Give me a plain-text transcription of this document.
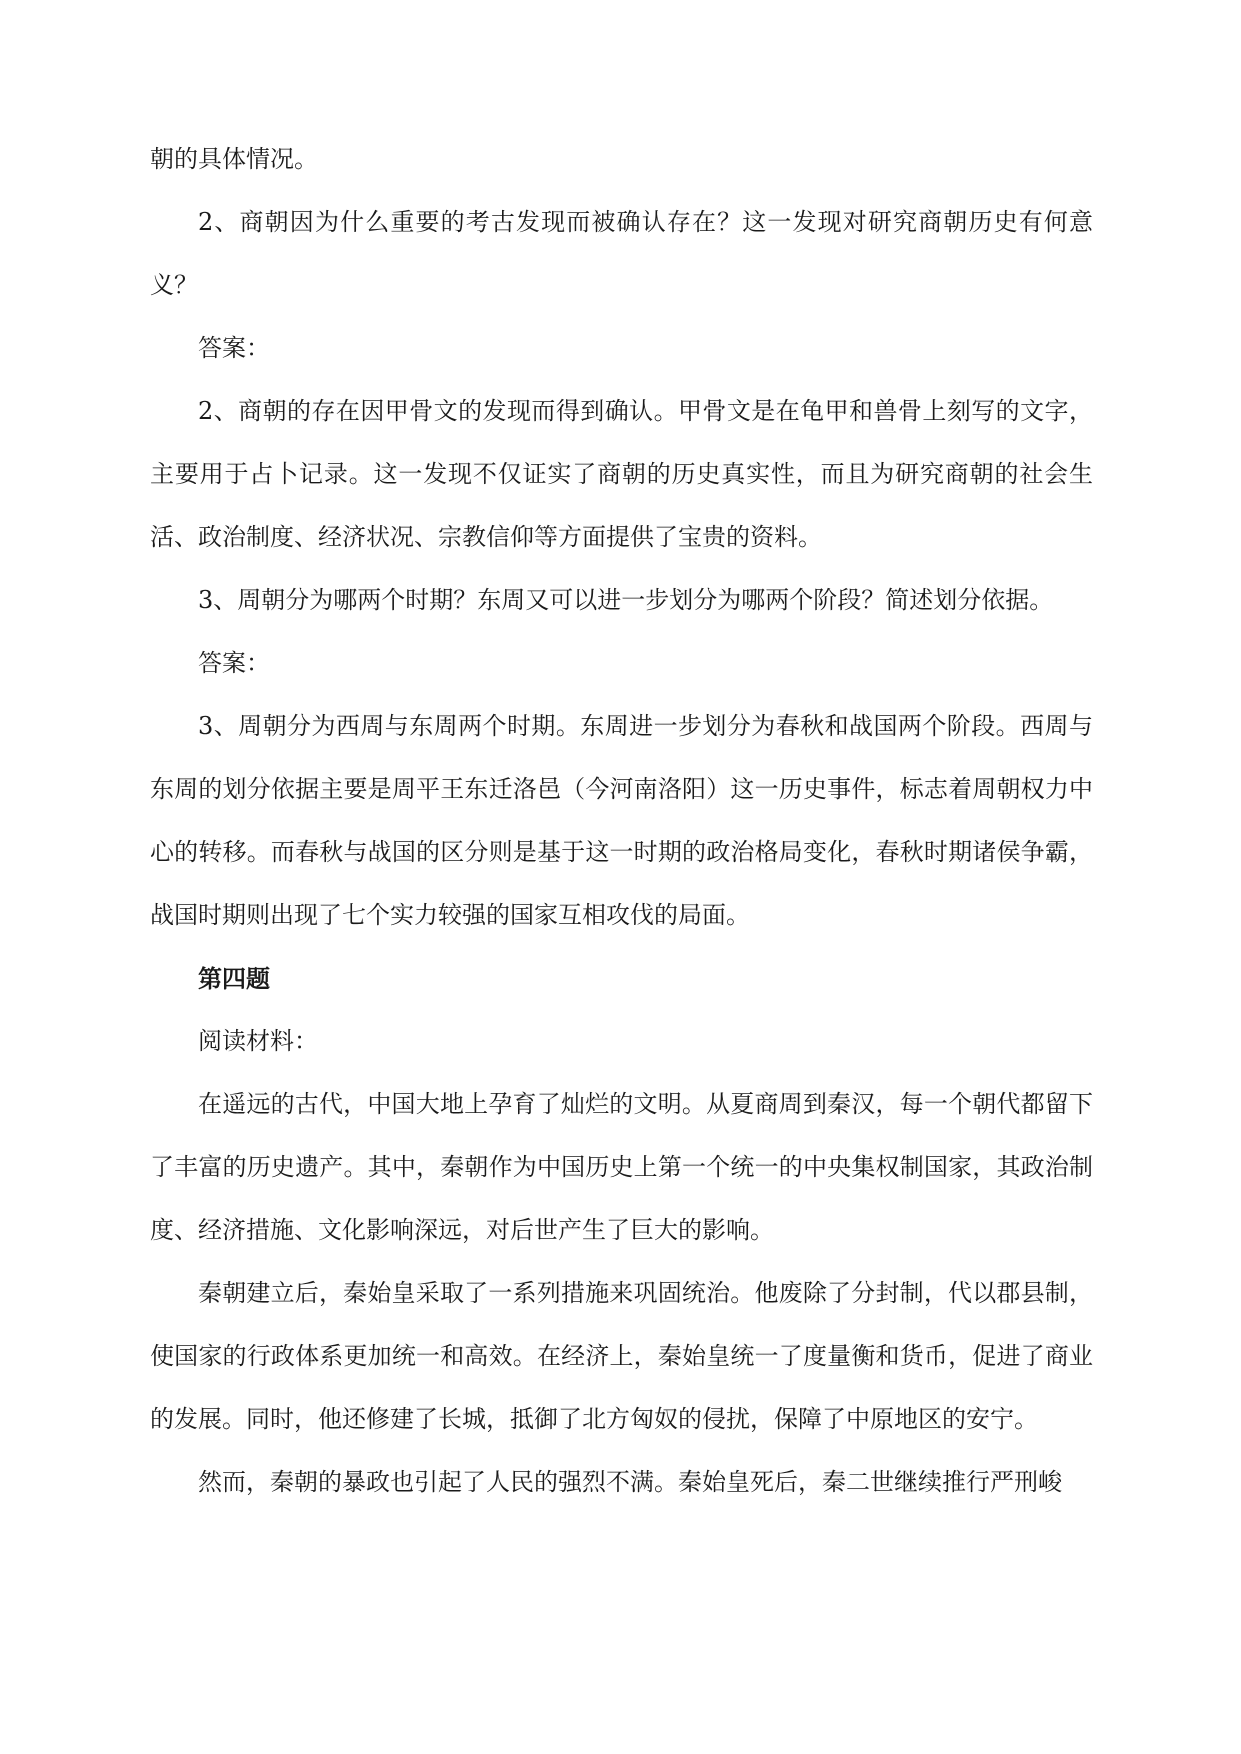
朝的具体情况。

2、商朝因为什么重要的考古发现而被确认存在？这一发现对研究商朝历史有何意义？

答案：

2、商朝的存在因甲骨文的发现而得到确认。甲骨文是在龟甲和兽骨上刻写的文字，主要用于占卜记录。这一发现不仅证实了商朝的历史真实性，而且为研究商朝的社会生活、政治制度、经济状况、宗教信仰等方面提供了宝贵的资料。

3、周朝分为哪两个时期？东周又可以进一步划分为哪两个阶段？简述划分依据。

答案：

3、周朝分为西周与东周两个时期。东周进一步划分为春秋和战国两个阶段。西周与东周的划分依据主要是周平王东迁洛邑（今河南洛阳）这一历史事件，标志着周朝权力中心的转移。而春秋与战国的区分则是基于这一时期的政治格局变化，春秋时期诸侯争霸，战国时期则出现了七个实力较强的国家互相攻伐的局面。

第四题

阅读材料：

在遥远的古代，中国大地上孕育了灿烂的文明。从夏商周到秦汉，每一个朝代都留下了丰富的历史遗产。其中，秦朝作为中国历史上第一个统一的中央集权制国家，其政治制度、经济措施、文化影响深远，对后世产生了巨大的影响。

秦朝建立后，秦始皇采取了一系列措施来巩固统治。他废除了分封制，代以郡县制，使国家的行政体系更加统一和高效。在经济上，秦始皇统一了度量衡和货币，促进了商业的发展。同时，他还修建了长城，抵御了北方匈奴的侵扰，保障了中原地区的安宁。

然而，秦朝的暴政也引起了人民的强烈不满。秦始皇死后，秦二世继续推行严刑峻
